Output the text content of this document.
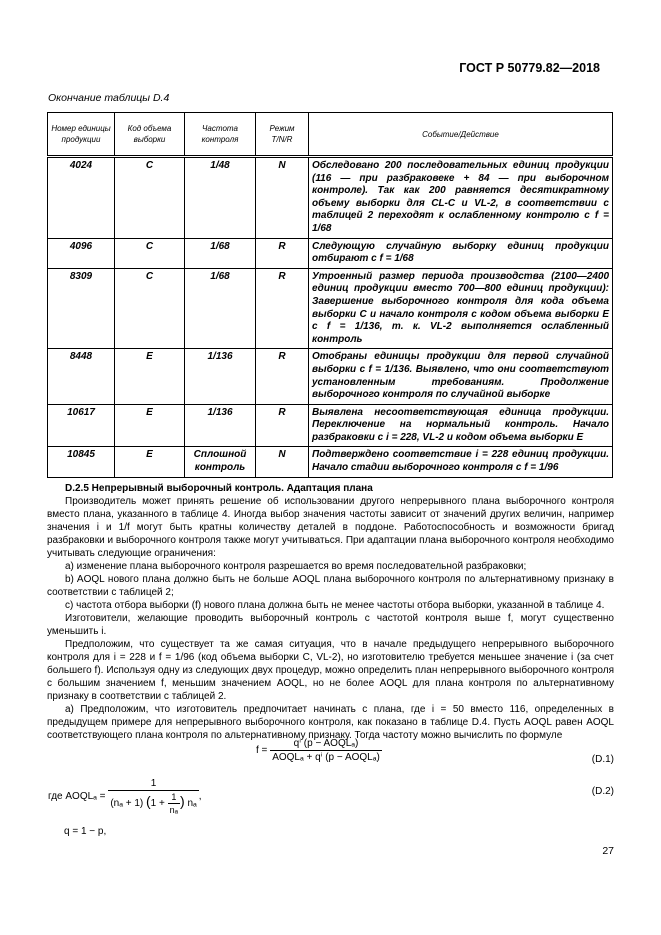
ГОСТ Р 50779.82—2018
Окончание таблицы D.4
Номер единицы продукции	Код объема выборки	Частота контроля	Режим T/N/R	Событие/Действие
4024	C	1/48	N	Обследовано 200 последовательных единиц продукции (116 — при разбраковеке + 84 — при выборочном контроле). Так как 200 равняется десятикратному объему выборки для CL-C и VL-2, в соответствии с таблицей 2 переходят к ослабленному контролю с f = 1/68
4096	C	1/68	R	Следующую случайную выборку единиц продукции отбирают с f = 1/68
8309	C	1/68	R	Утроенный размер периода производства (2100—2400 единиц продукции вместо 700—800 единиц продукции): Завершение выборочного контроля для кода объема выборки C и начало контроля с кодом объема выборки E с f = 1/136, т. к. VL-2 выполняется ослабленный контроль
8448	E	1/136	R	Отобраны единицы продукции для первой случайной выборки с f = 1/136. Выявлено, что они соответствуют установленным требованиям. Продолжение выборочного контроля по случайной выборке
10617	E	1/136	R	Выявлена несоответствующая единица продукции. Переключение на нормальный контроль. Начало разбраковки с i = 228, VL-2 и кодом объема выборки E
10845	E	Сплошной контроль	N	Подтверждено соответствие i = 228 единиц продукции. Начало стадии выборочного контроля с f = 1/96

D.2.5 Непрерывный выборочный контроль. Адаптация плана

Производитель может принять решение об использовании другого непрерывного плана выборочного контроля вместо плана, указанного в таблице 4. Иногда выбор значения частоты зависит от значений других величин, например значения i и 1/f могут быть кратны количеству деталей в поддоне. Работоспособность и возможности бригад разбраковки и выборочного контроля также могут учитываться. При адаптации плана выборочного контроля необходимо учитывать следующие ограничения:

а) изменение плана выборочного контроля разрешается во время последовательной разбраковки;

b) AOQL нового плана должно быть не больше AOQL плана выборочного контроля по альтернативному признаку в соответствии с таблицей 2;

c) частота отбора выборки (f) нового плана должна быть не менее частоты отбора выборки, указанной в таблице 4.

Изготовители, желающие проводить выборочный контроль с частотой контроля выше f, могут существенно уменьшить i.

Предположим, что существует та же самая ситуация, что в начале предыдущего непрерывного выборочного контроля для i = 228 и f = 1/96 (код объема выборки C, VL-2), но изготовителю требуется меньшее значение i (за счет большего f). Используя одну из следующих двух процедур, можно определить план непрерывного выборочного контроля с большим значением f, меньшим значением AOQL, но не более AOQL для плана контроля по альтернативному признаку в соответствии с таблицей 2.

а) Предположим, что изготовитель предпочитает начинать с плана, где i = 50 вместо 116, определенных в предыдущем примере для непрерывного выборочного контроля, как показано в таблице D.4. Пусть AOQL равен AOQL соответствующего плана контроля по альтернативному признаку. Тогда частоту можно вычислить по формуле

$f = \frac{\text{qⁱ (p − AOQLₐ)}}{\text{AOQLₐ + qⁱ (p − AOQLₐ)}}$	(D.1)
где AOQLₐ =
1
(nₐ + 1) ($1 + \frac{1}{\text{nₐ}}$ ) nₐ
,	(D.2)
q = 1 − p,
27
